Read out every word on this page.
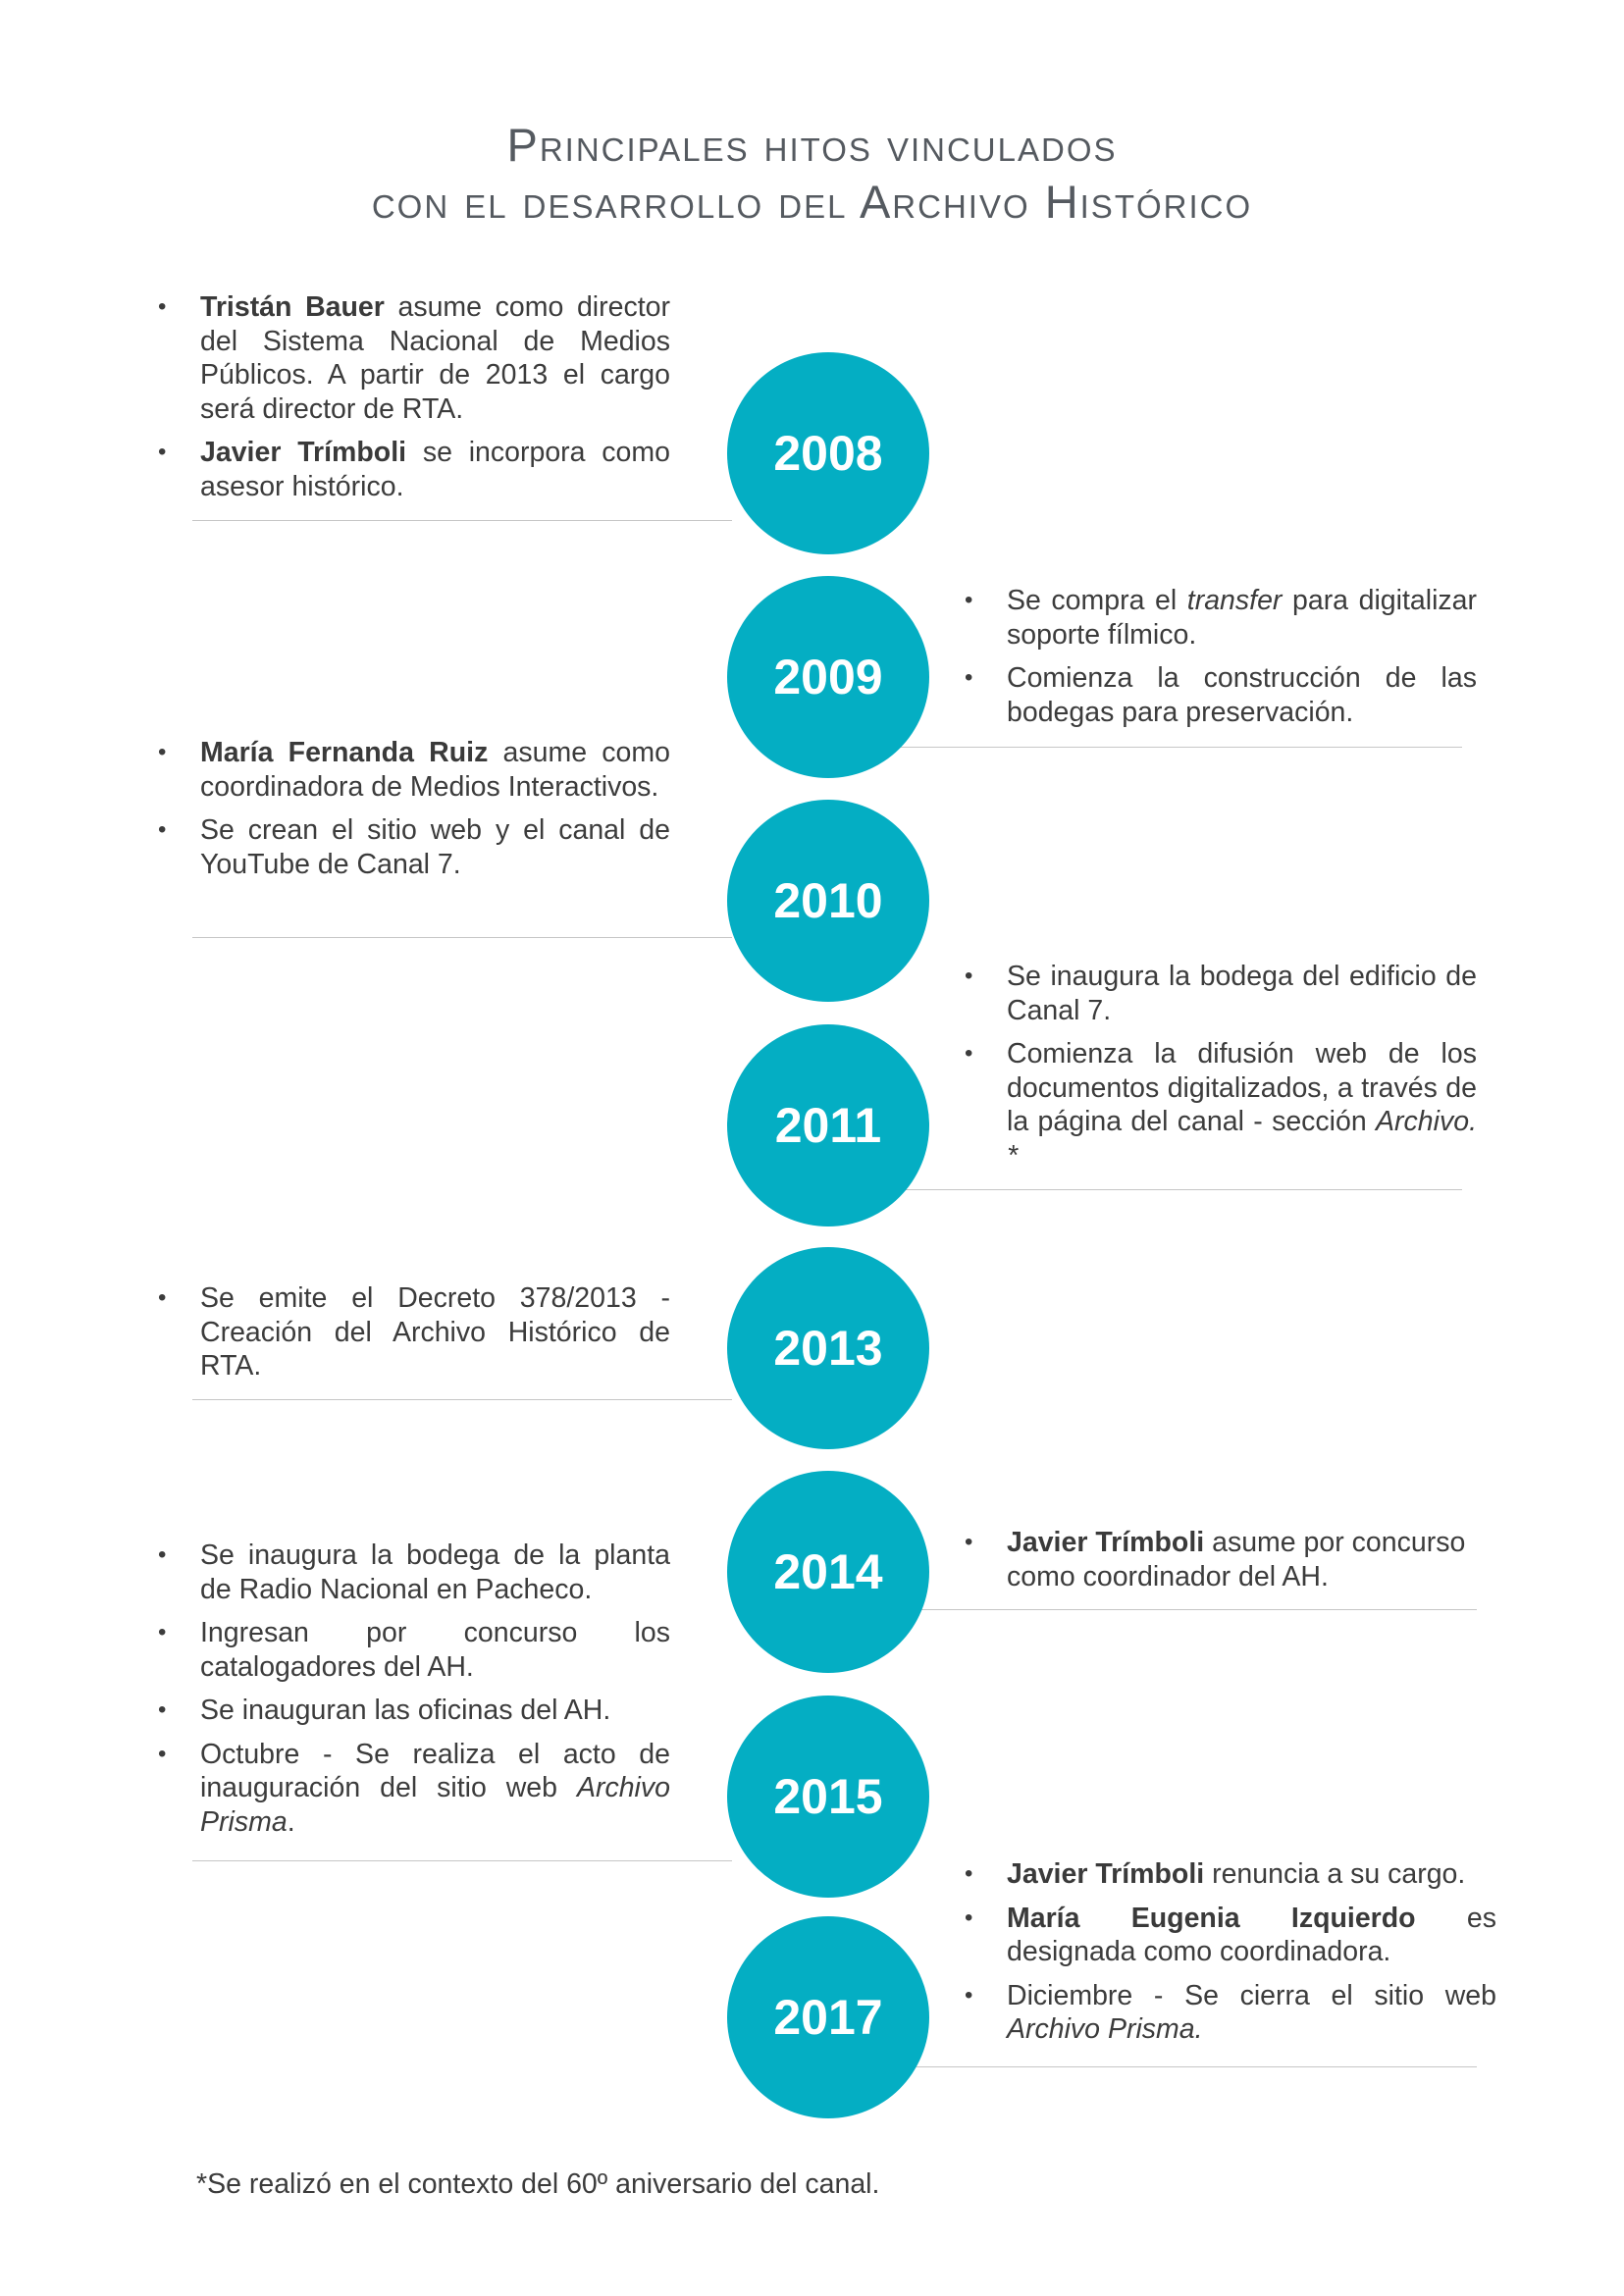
Principales hitos vinculados
con el desarrollo del Archivo Histórico
2008
2009
2010
2011
2013
2014
2015
2017
•	Tristán Bauer asume como director del Sistema Nacional de Medios Públicos. A partir de 2013 el cargo será director de RTA.
•	Javier Trímboli se incorpora como asesor histórico.
•	Se compra el transfer para digitalizar soporte fílmico.
•	Comienza la construcción de las bodegas para preservación.
•	María Fernanda Ruiz asume como coordinadora de Medios Interactivos.
•	Se crean el sitio web y el canal de YouTube de Canal 7.
•	Se inaugura la bodega del edificio de Canal 7.
•	Comienza la difusión web de los documentos digitalizados, a través de la página del canal - sección Archivo. *
•	Se emite el Decreto 378/2013 - Creación del Archivo Histórico de RTA.
•	Javier Trímboli asume por concurso como coordinador del AH.
•	Se inaugura la bodega de la planta de Radio Nacional en Pacheco.
•	Ingresan por concurso los catalogadores del AH.
•	Se inauguran las oficinas del AH.
•	Octubre - Se realiza el acto de inauguración del sitio web Archivo Prisma.
•	Javier Trímboli renuncia a su cargo.
•	María Eugenia Izquierdo es designada como coordinadora.
•	Diciembre - Se cierra el sitio web Archivo Prisma.
*Se realizó en el contexto del 60º aniversario del canal.
